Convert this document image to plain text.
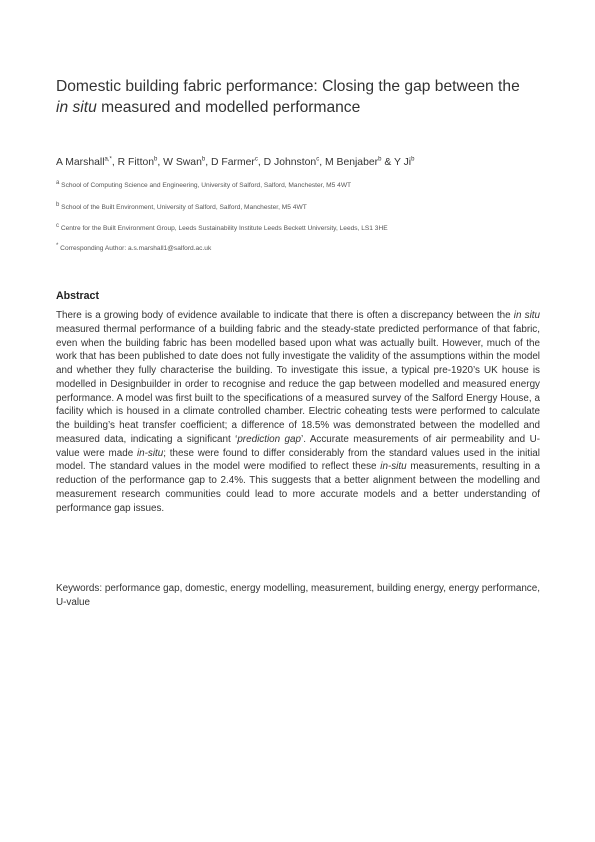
Domestic building fabric performance: Closing the gap between the
in situ measured and modelled performance
A Marshall$^{a,*}$, R Fitton$^b$, W Swan$^b$, D Farmer$^c$, D Johnston$^c$, M Benjaber$^b$ & Y Ji$^b$
$^a$ School of Computing Science and Engineering, University of Salford, Salford, Manchester, M5 4WT
$^b$ School of the Built Environment, University of Salford, Salford, Manchester, M5 4WT
$^c$ Centre for the Built Environment Group, Leeds Sustainability Institute Leeds Beckett University, Leeds, LS1 3HE
* Corresponding Author: a.s.marshall1@salford.ac.uk
Abstract
There is a growing body of evidence available to indicate that there is often a discrepancy between the in situ measured thermal performance of a building fabric and the steady-state predicted performance of that fabric, even when the building fabric has been modelled based upon what was actually built. However, much of the work that has been published to date does not fully investigate the validity of the assumptions within the model and whether they fully characterise the building. To investigate this issue, a typical pre-1920’s UK house is modelled in Designbuilder in order to recognise and reduce the gap between modelled and measured energy performance. A model was first built to the specifications of a measured survey of the Salford Energy House, a facility which is housed in a climate controlled chamber. Electric coheating tests were performed to calculate the building’s heat transfer coefficient; a difference of 18.5% was demonstrated between the modelled and measured data, indicating a significant ‘prediction gap’. Accurate measurements of air permeability and U-value were made in-situ; these were found to differ considerably from the standard values used in the initial model. The standard values in the model were modified to reflect these in-situ measurements, resulting in a reduction of the performance gap to 2.4%. This suggests that a better alignment between the modelling and measurement research communities could lead to more accurate models and a better understanding of performance gap issues.
Keywords: performance gap, domestic, energy modelling, measurement, building energy, energy performance, U-value
